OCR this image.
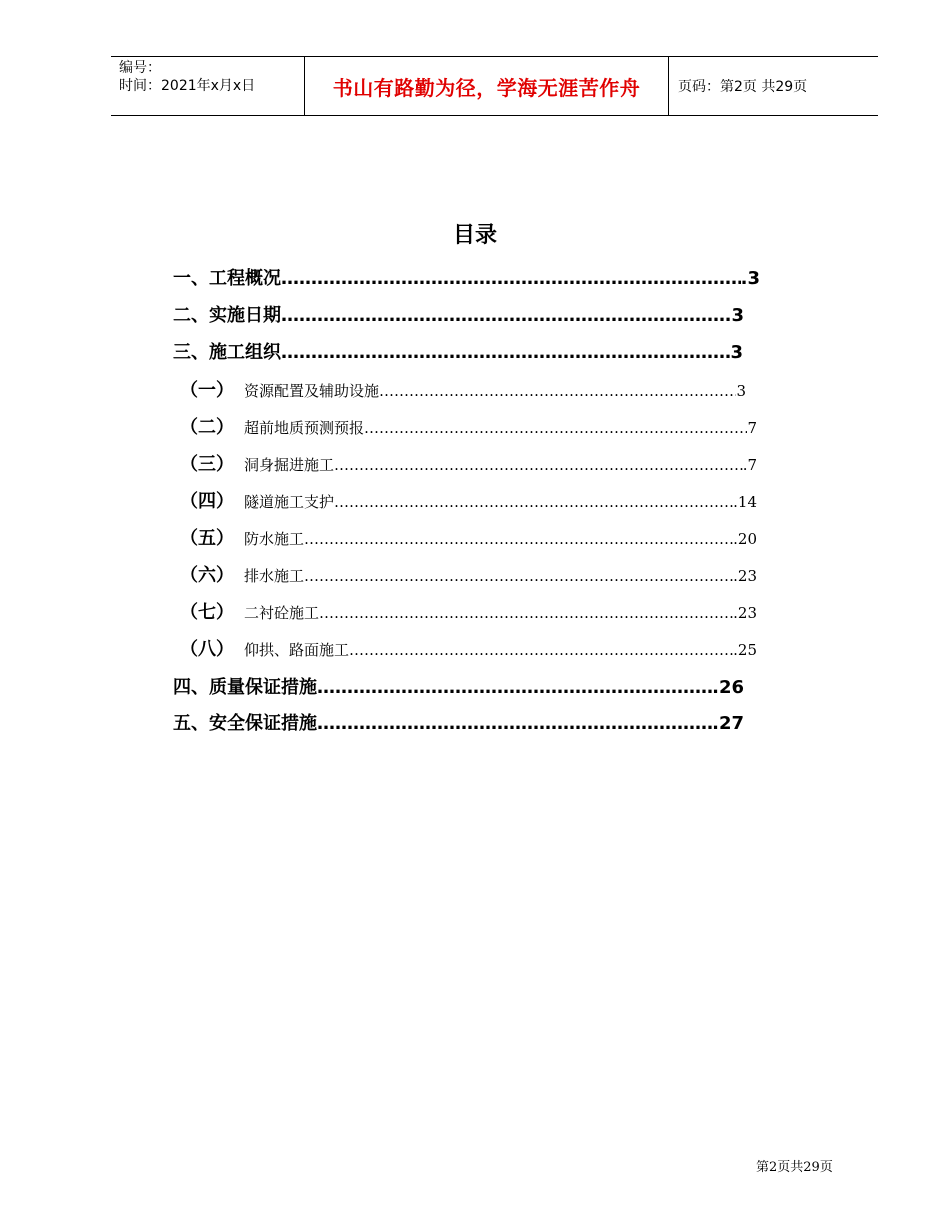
编号：
时间：2021年x月x日	书山有路勤为径，学海无涯苦作舟	页码：第2页 共29页
目录
一、工程概况 …………………………………………………………………………………………………………………………………………………………	.3
二、实施日期 …………………………………………………………………………………………………………………………………………………………	.3
三、施工组织 …………………………………………………………………………………………………………………………………………………………	3
（一） 资源配置及辅助设施 …………………………………………………………………………………………………………………………………………………………	3
（二） 超前地质预测预报 …………………………………………………………………………………………………………………………………………………………	7
（三） 洞身掘进施工 …………………………………………………………………………………………………………………………………………………………	.7
（四） 隧道施工支护 …………………………………………………………………………………………………………………………………………………………	.14
（五） 防水施工 …………………………………………………………………………………………………………………………………………………………	.20
（六） 排水施工 …………………………………………………………………………………………………………………………………………………………	.23
（七） 二衬砼施工 …………………………………………………………………………………………………………………………………………………………	.23
（八） 仰拱、路面施工 …………………………………………………………………………………………………………………………………………………………	.25
四、质量保证措施 …………………………………………………………………………………………………………………………………………………………	.26
五、安全保证措施 …………………………………………………………………………………………………………………………………………………………	.27
第2页共29页
